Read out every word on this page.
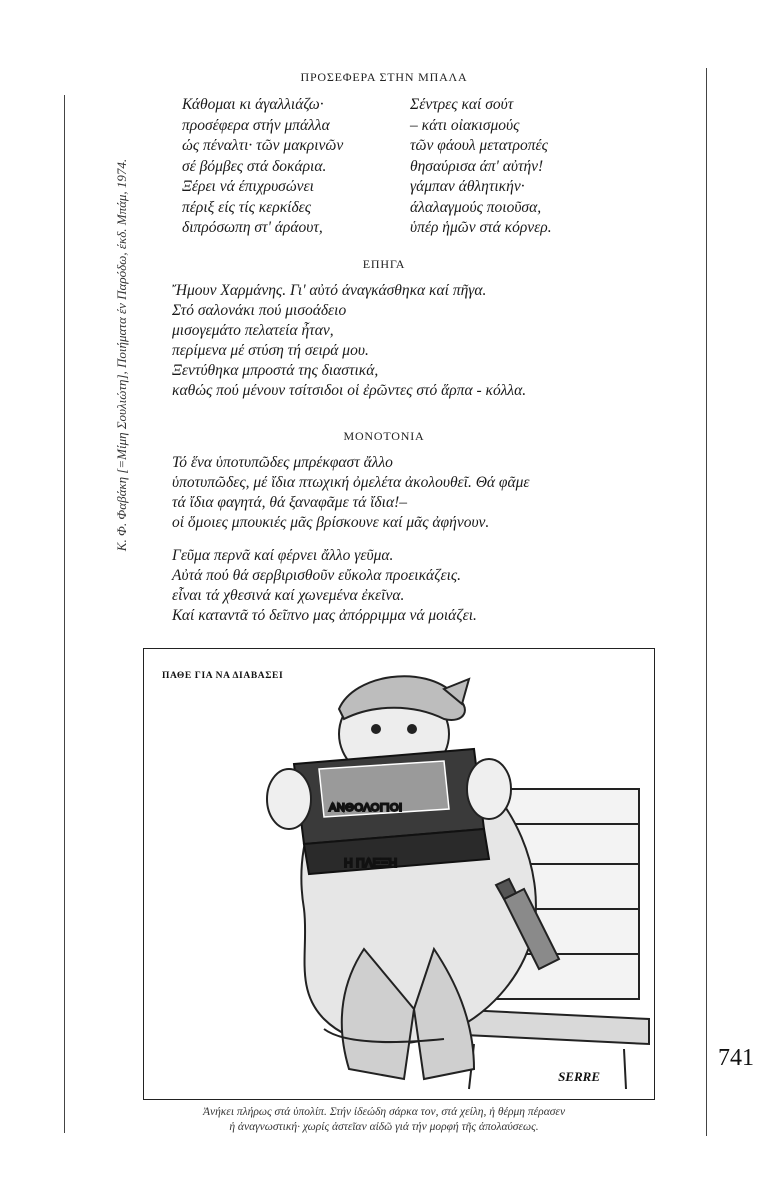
Κ. Φ. Φαβάκη [=Μίμη Σουλιώτη], Ποιήματα έν Παρόδω, έκδ. Μπάμ, 1974.
ΠΡΟΣΕΦΕΡΑ ΣΤΗΝ ΜΠΑΛΑ
Κάθομαι κι άγαλλιάζω·
προσέφερα στήν μπάλλα
ώς πέναλτι· τῶν μακρινῶν
σέ βόμβες στά δοκάρια.
Ξέρει νά έπιχρυσώνει
πέριξ είς τίς κερκίδες
διπρόσωπη στ' άράουτ,
Σέντρες καί σούτ
– κάτι οἰακισμούς
τῶν φάουλ μετατροπές
θησαύρισα άπ' αὐτήν!
γάμπαν άθλητικήν·
άλαλαγμούς ποιοῦσα,
ὑπέρ ἡμῶν στά κόρνερ.
ΕΠΗΓΑ
Ἤμουν Χαρμάνης. Γι' αὐτό άναγκάσθηκα καί πῆγα.
Στό σαλονάκι πού μισοάδειο
μισογεμάτο πελατεία ἦταν,
περίμενα μέ στύση τή σειρά μου.
Ξεντύθηκα μπροστά της διαστικά,
καθώς πού μένουν τσίτσιδοι οἱ ἐρῶντες στό ἅρπα - κόλλα.
ΜΟΝΟΤΟΝΙΑ
Τό ἕνα ὑποτυπῶδες μπρέκφαστ ἄλλο
ὑποτυπῶδες, μέ ἴδια πτωχική ὀμελέτα ἀκολουθεῖ. Θά φᾶμε
τά ἴδια φαγητά, θά ξαναφᾶμε τά ἴδια!–
οἱ ὅμοιες μπουκιές μᾶς βρίσκουνε καί μᾶς ἀφήνουν.
Γεῦμα περνᾶ καί φέρνει ἄλλο γεῦμα.
Αὐτά πού θά σερβιρισθοῦν εὔκολα προεικάζεις.
εἶναι τά χθεσινά καί χωνεμένα ἐκεῖνα.
Καί καταντᾶ τό δεῖπνο μας ἀπόρριμμα νά μοιάζει.
ΠΑΘΕ ΓΙΑ ΝΑ ΔΙΑΒΑΣΕΙ
ΑΝΘΟΛΟΓΙΟΙ
Η ΠΛΕΞΗ
SERRE
741
Ἀνήκει πλήρως στά ὑπολίπ. Στήν ἰδεώδη σάρκα τον, στά χείλη, ἡ θέρμη πέρασεν
ἡ ἀναγνωστική· χωρίς ἀστεῖαν αἰδῶ γιά τήν μορφή τῆς ἀπολαύσεως.
